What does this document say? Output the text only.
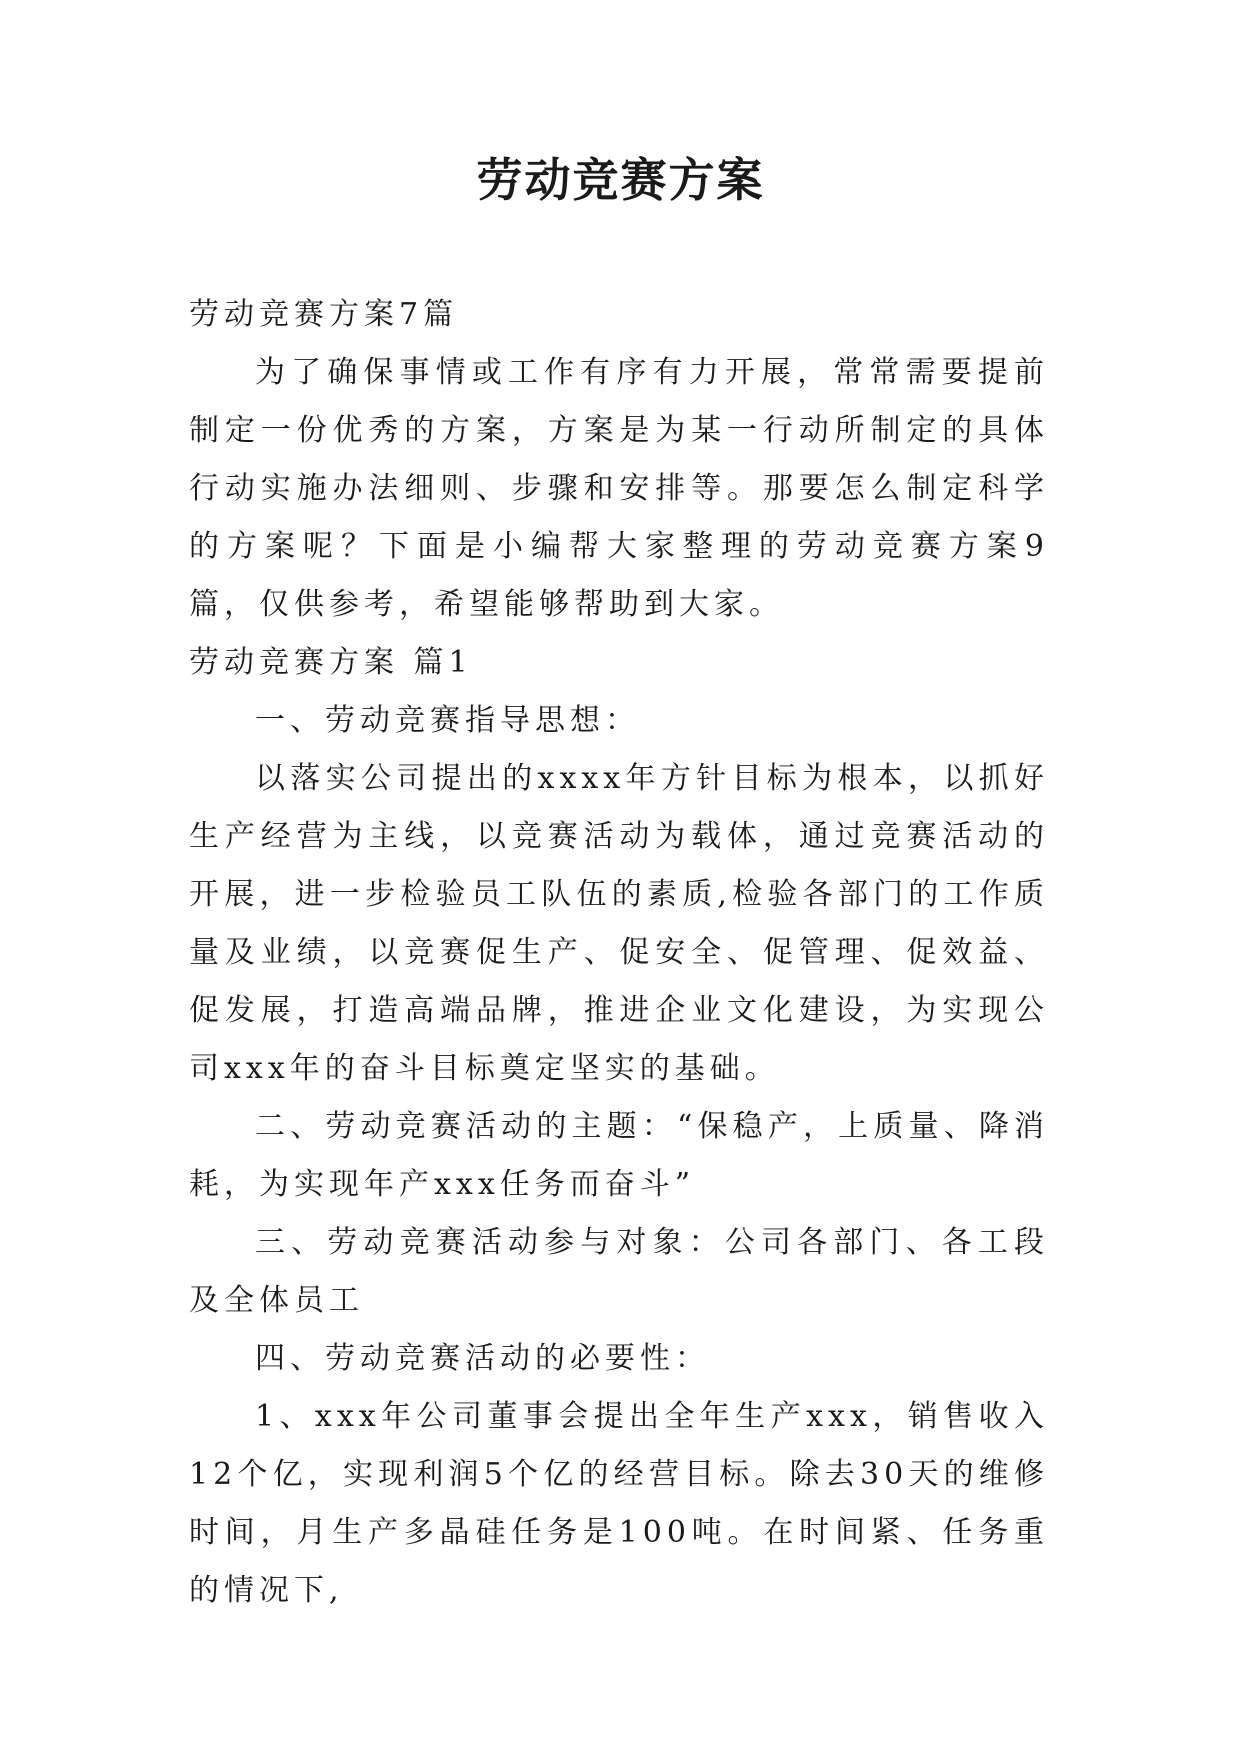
劳动竞赛方案

劳动竞赛方案7篇

为了确保事情或工作有序有力开展，常常需要提前制定一份优秀的方案，方案是为某一行动所制定的具体行动实施办法细则、步骤和安排等。那要怎么制定科学的方案呢？下面是小编帮大家整理的劳动竞赛方案9篇，仅供参考，希望能够帮助到大家。

劳动竞赛方案 篇1

一、劳动竞赛指导思想：

以落实公司提出的xxxx年方针目标为根本，以抓好生产经营为主线，以竞赛活动为载体，通过竞赛活动的开展，进一步检验员工队伍的素质,检验各部门的工作质量及业绩，以竞赛促生产、促安全、促管理、促效益、促发展，打造高端品牌，推进企业文化建设，为实现公司xxx年的奋斗目标奠定坚实的基础。

二、劳动竞赛活动的主题：“保稳产，上质量、降消耗，为实现年产xxx任务而奋斗”

三、劳动竞赛活动参与对象：公司各部门、各工段及全体员工

四、劳动竞赛活动的必要性：

1、xxx年公司董事会提出全年生产xxx，销售收入12个亿，实现利润5个亿的经营目标。除去30天的维修时间，月生产多晶硅任务是100吨。在时间紧、任务重的情况下,
